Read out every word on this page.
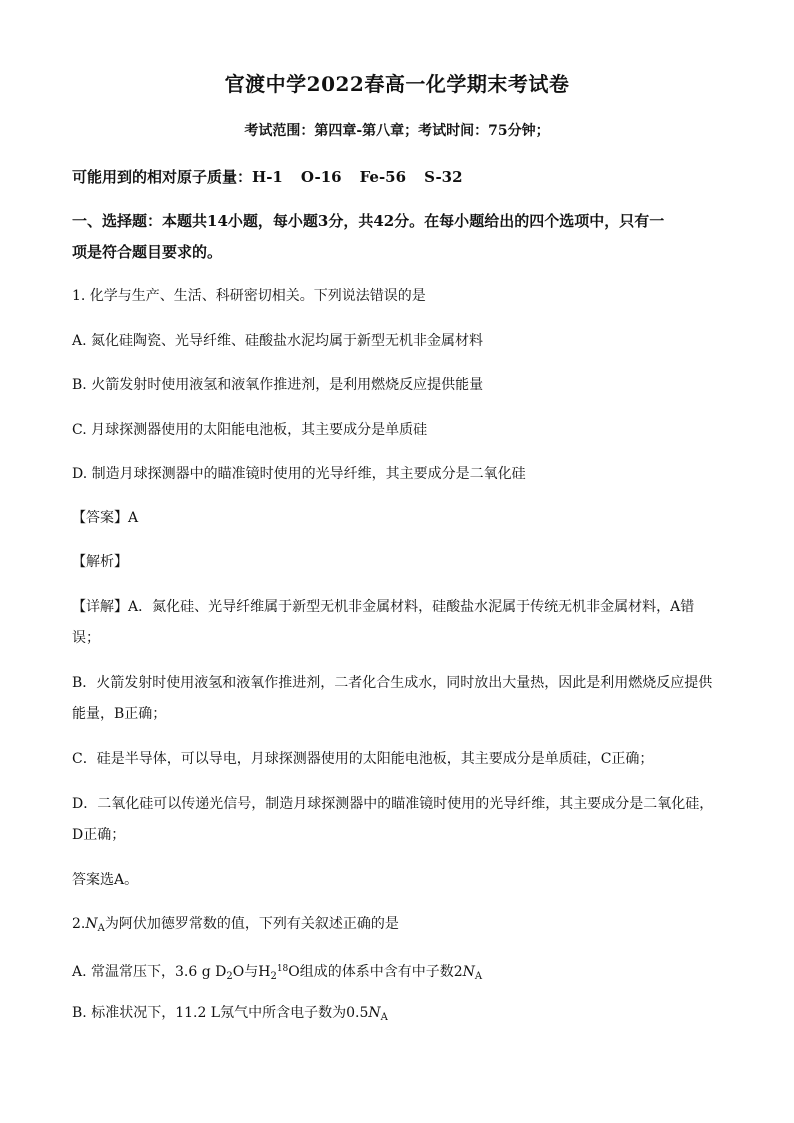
官渡中学2022春高一化学期末考试卷
考试范围：第四章-第八章；考试时间：75分钟；
可能用到的相对原子质量：H-1 O-16 Fe-56 S-32
一、选择题：本题共14小题，每小题3分，共42分。在每小题给出的四个选项中，只有一
项是符合题目要求的。
1. 化学与生产、生活、科研密切相关。下列说法错误的是
A. 氮化硅陶瓷、光导纤维、硅酸盐水泥均属于新型无机非金属材料
B. 火箭发射时使用液氢和液氧作推进剂，是利用燃烧反应提供能量
C. 月球探测器使用的太阳能电池板，其主要成分是单质硅
D. 制造月球探测器中的瞄准镜时使用的光导纤维，其主要成分是二氧化硅
【答案】A
【解析】
【详解】A．氮化硅、光导纤维属于新型无机非金属材料，硅酸盐水泥属于传统无机非金属材料，A错
误；
B．火箭发射时使用液氢和液氧作推进剂，二者化合生成水，同时放出大量热，因此是利用燃烧反应提供
能量，B正确；
C．硅是半导体，可以导电，月球探测器使用的太阳能电池板，其主要成分是单质硅，C正确；
D．二氧化硅可以传递光信号，制造月球探测器中的瞄准镜时使用的光导纤维，其主要成分是二氧化硅，
D正确；
答案选A。
$2.N_A$为阿伏加德罗常数的值，下列有关叙述正确的是
A. 常温常压下，3.6 g $D_2O$与$H_2^{18}O$组成的体系中含有中子数$2N_A$
B. 标准状况下，11.2 L氖气中所含电子数为$0.5N_A$
